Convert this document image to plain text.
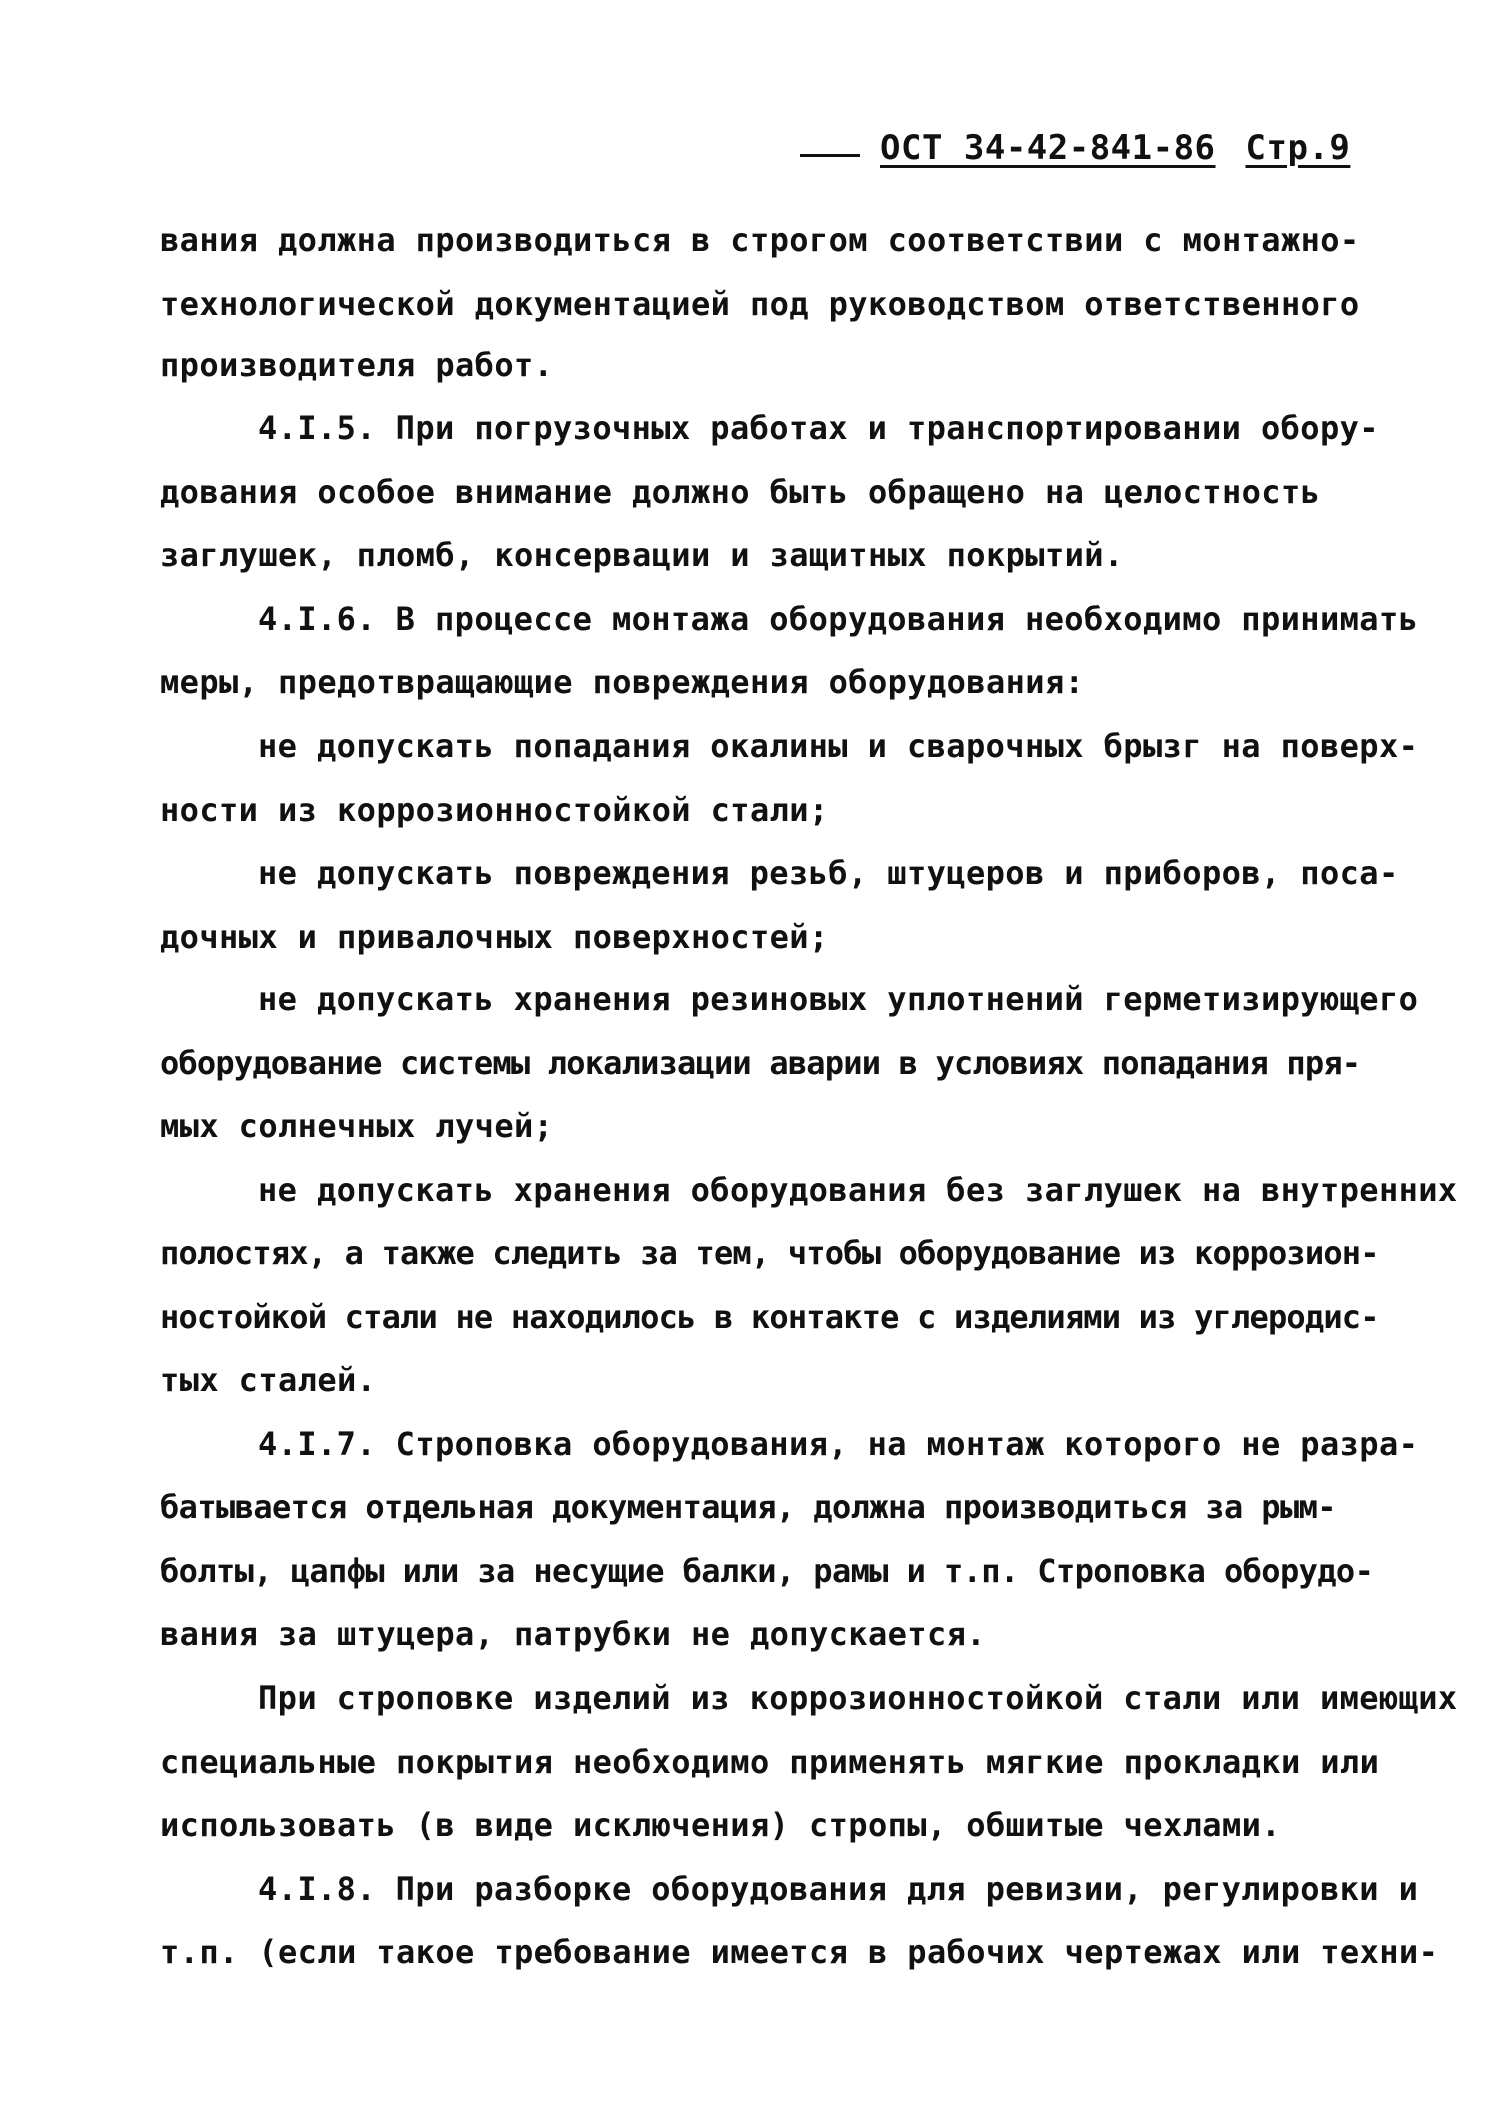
ОСТ 34-42-841-86 Стр.9
вания должна производиться в строгом соответствии с монтажно-
технологической документацией под руководством ответственного
производителя работ.
4.I.5. При погрузочных работах и транспортировании обору-
дования особое внимание должно быть обращено на целостность
заглушек, пломб, консервации и защитных покрытий.
4.I.6. В процессе монтажа оборудования необходимо принимать
меры, предотвращающие повреждения оборудования:
не допускать попадания окалины и сварочных брызг на поверх-
ности из коррозионностойкой стали;
не допускать повреждения резьб, штуцеров и приборов, поса-
дочных и привалочных поверхностей;
не допускать хранения резиновых уплотнений герметизирующего
оборудование системы локализации аварии в условиях попадания пря-
мых солнечных лучей;
не допускать хранения оборудования без заглушек на внутренних
полостях, а также следить за тем, чтобы оборудование из коррозион-
ностойкой стали не находилось в контакте с изделиями из углеродис-
тых сталей.
4.I.7. Строповка оборудования, на монтаж которого не разра-
батывается отдельная документация, должна производиться за рым-
болты, цапфы или за несущие балки, рамы и т.п. Строповка оборудо-
вания за штуцера, патрубки не допускается.
При строповке изделий из коррозионностойкой стали или имеющих
специальные покрытия необходимо применять мягкие прокладки или
использовать (в виде исключения) стропы, обшитые чехлами.
4.I.8. При разборке оборудования для ревизии, регулировки и
т.п. (если такое требование имеется в рабочих чертежах или техни-
